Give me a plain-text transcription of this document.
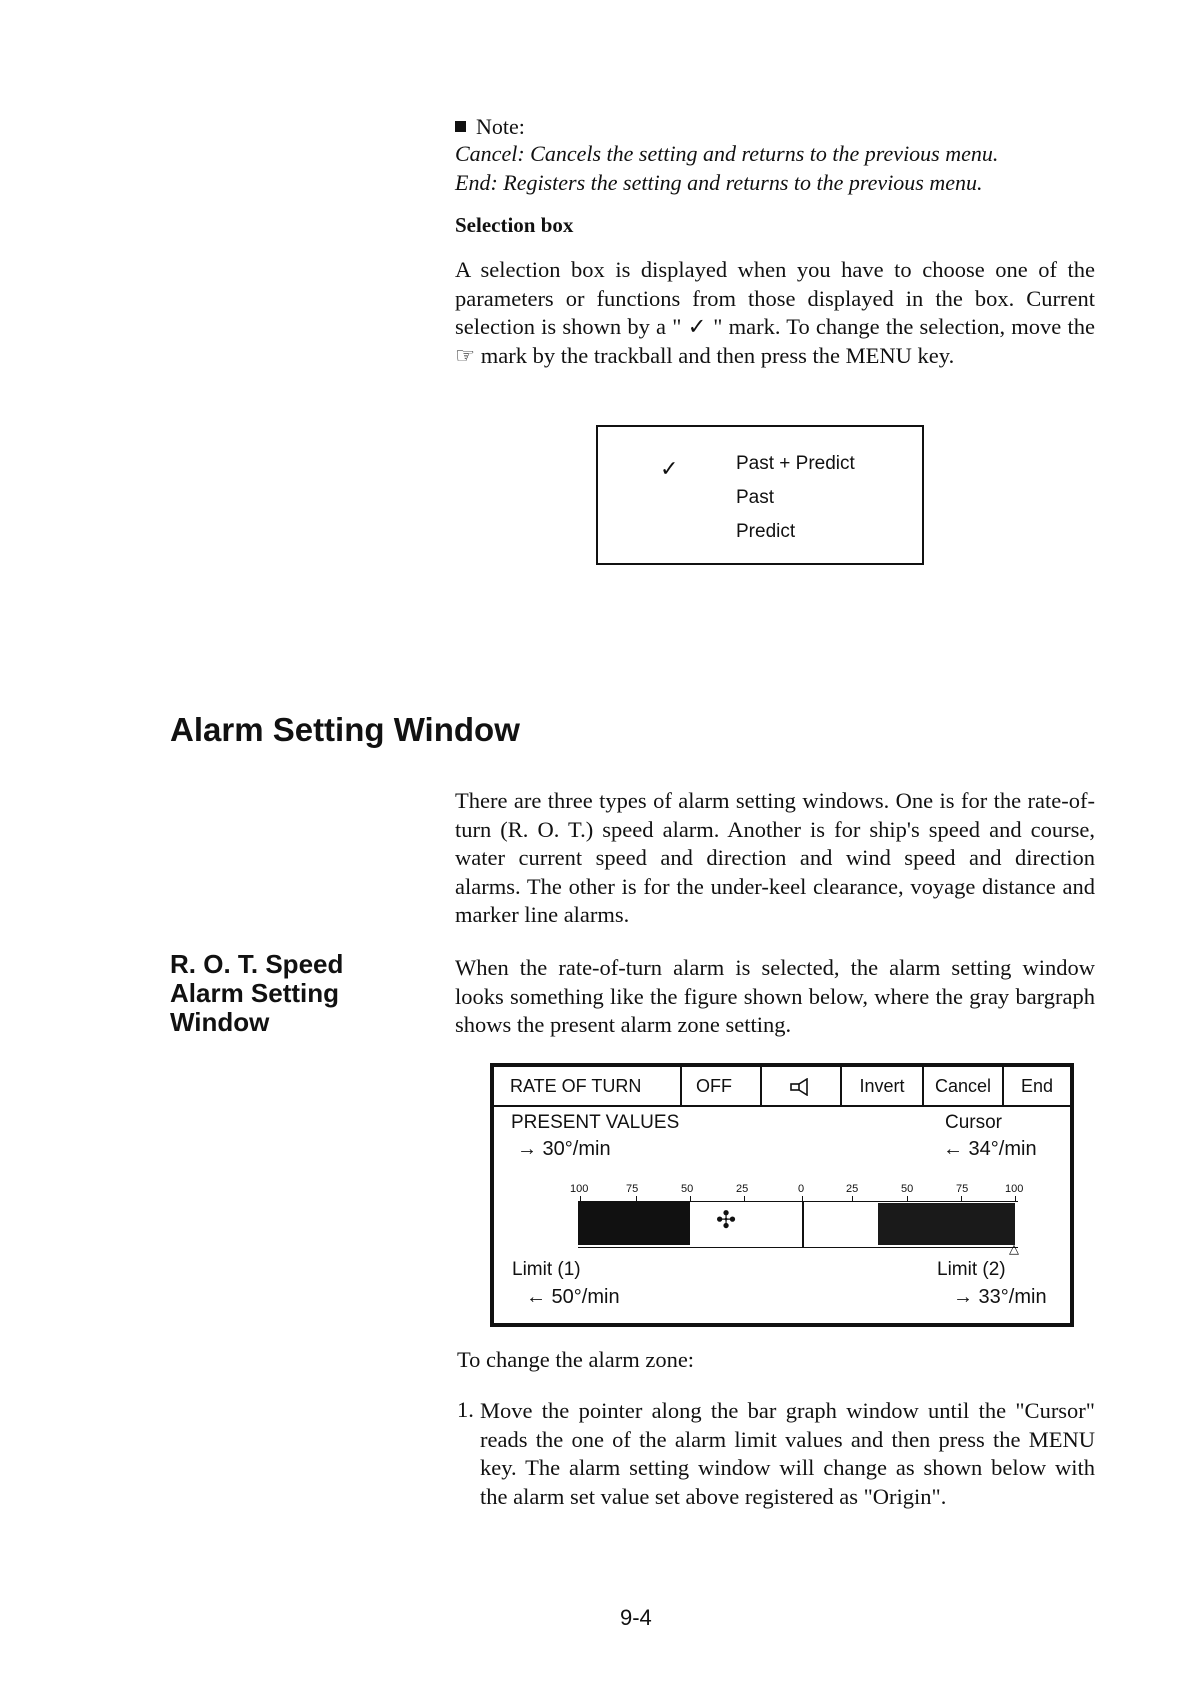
Note:
Cancel: Cancels the setting and returns to the previous menu.
End: Registers the setting and returns to the previous menu.
Selection box

A selection box is displayed when you have to choose one of the parameters or functions from those displayed in the box. Current selection is shown by a " ✓ " mark. To change the selection, move the ☞ mark by the trackball and then press the MENU key.

✓	Past + Predict
Past
Predict
Alarm Setting Window

There are three types of alarm setting windows. One is for the rate-of-turn (R. O. T.) speed alarm. Another is for ship's speed and course, water current speed and direction and wind speed and direction alarms. The other is for the under-keel clearance, voyage distance and marker line alarms.

R. O. T. Speed
Alarm Setting
Window

When the rate-of-turn alarm is selected, the alarm setting window looks something like the figure shown below, where the gray bargraph shows the present alarm zone setting.

RATE OF TURN	OFF	Invert	Cancel	End
PRESENT VALUES
→ 30°/min
Cursor
← 34°/min
100	75	50	25	0	25	50	75	100
✣
△
Limit (1)
← 50°/min
Limit (2)
→ 33°/min
To change the alarm zone:
1. Move the pointer along the bar graph window until the "Cursor" reads the one of the alarm limit values and then press the MENU key. The alarm setting window will change as shown below with the alarm set value set above registered as "Origin".

9-4
